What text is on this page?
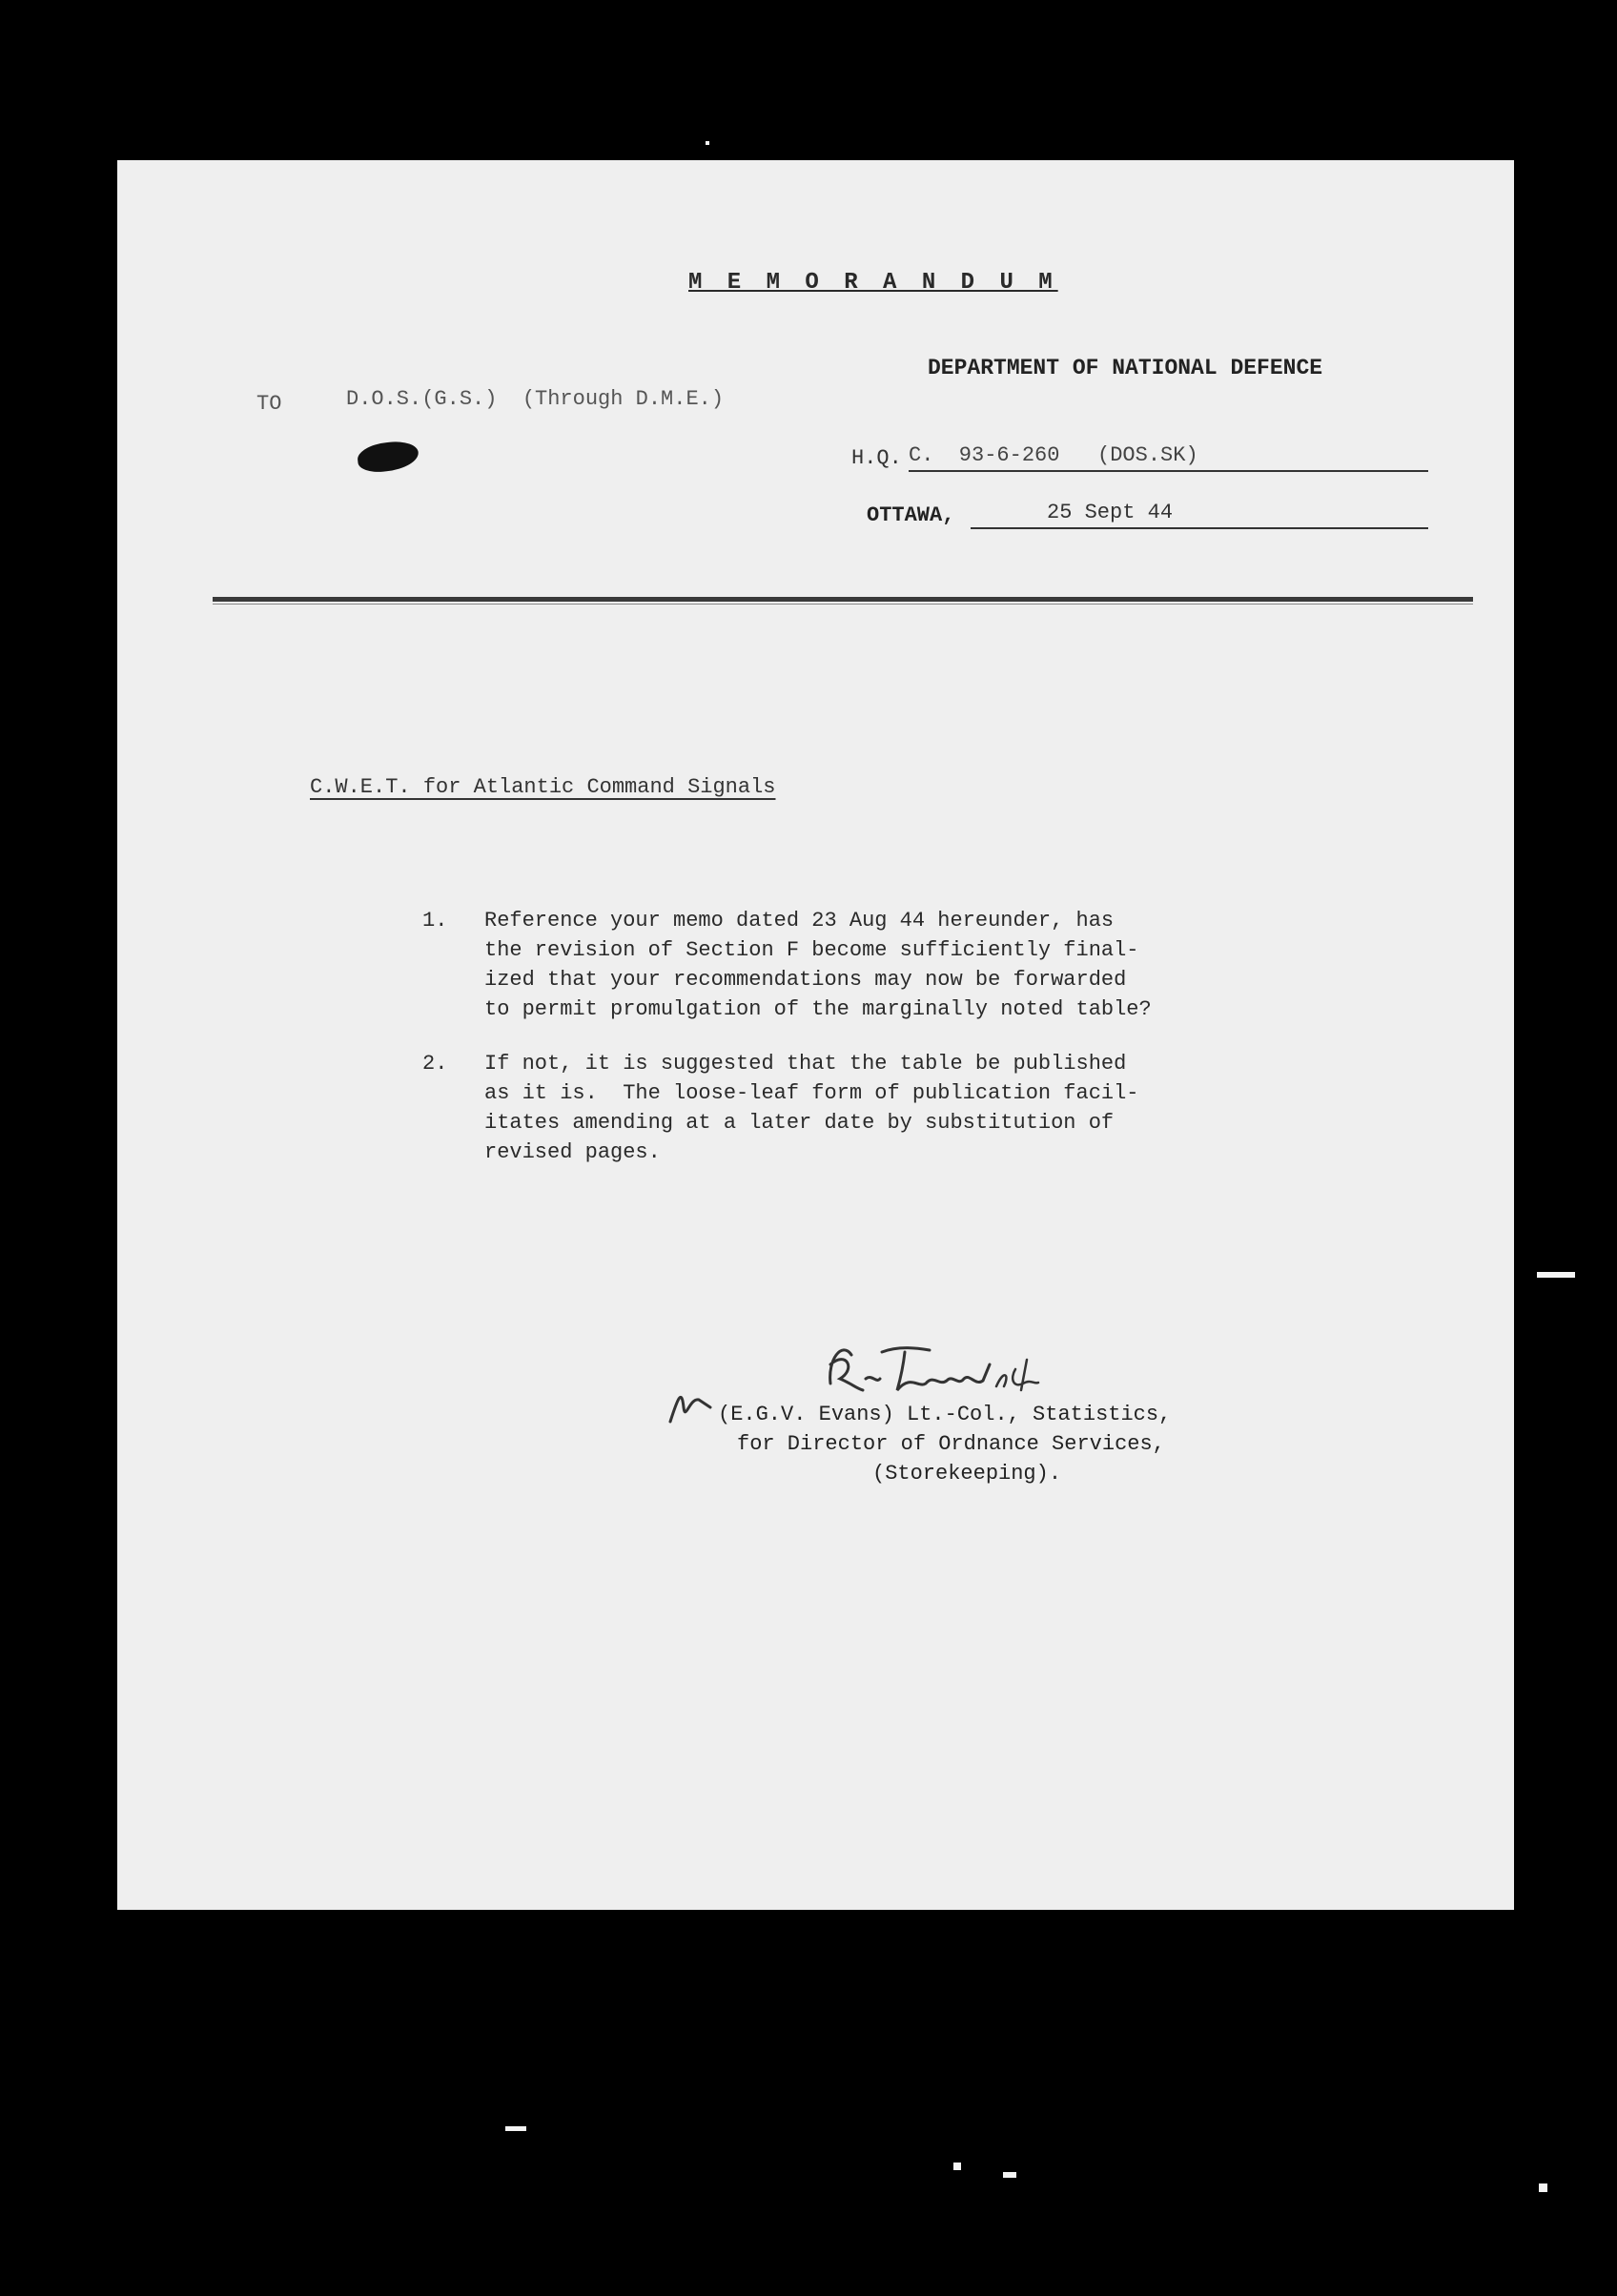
M E M O R A N D U M
DEPARTMENT OF NATIONAL DEFENCE
TO	D.O.S.(G.S.)  (Through D.M.E.)
H.Q. C.  93-6-260   (DOS.SK)
OTTAWA,	25 Sept 44
C.W.E.T. for Atlantic Command Signals
1. Reference your memo dated 23 Aug 44 hereunder, has
the revision of Section F become sufficiently final-
ized that your recommendations may now be forwarded
to permit promulgation of the marginally noted table?
2. If not, it is suggested that the table be published
as it is.  The loose-leaf form of publication facil-
itates amending at a later date by substitution of
revised pages.
(E.G.V. Evans) Lt.-Col., Statistics,
for Director of Ordnance Services,
(Storekeeping).
